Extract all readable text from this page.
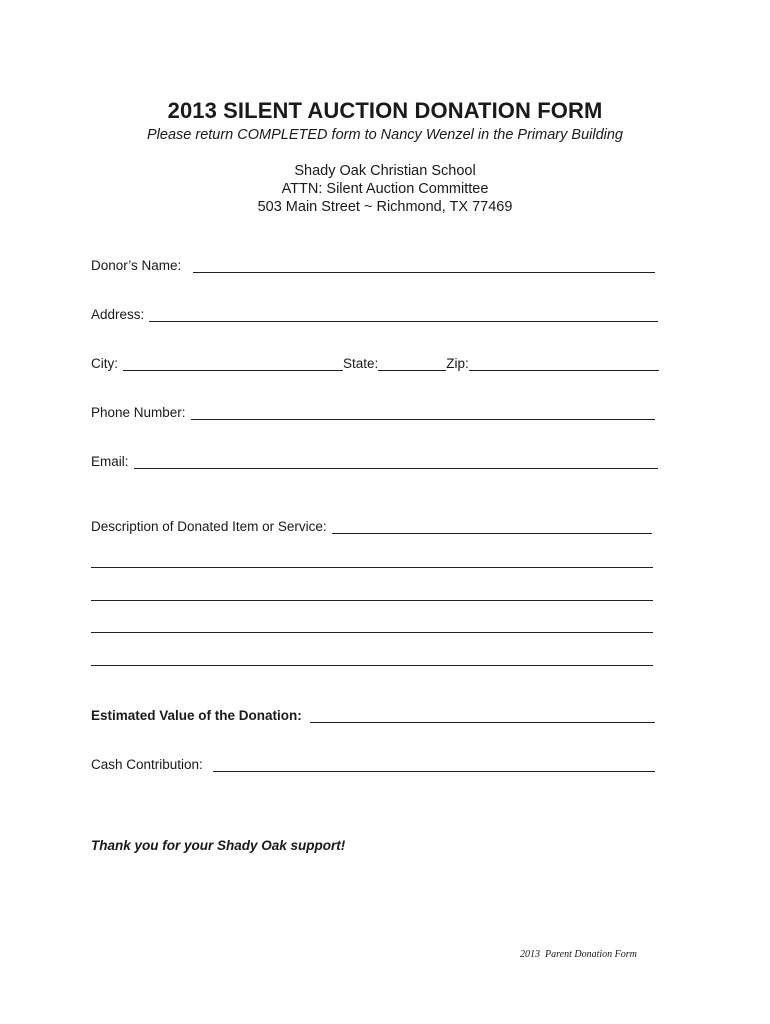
2013 SILENT AUCTION DONATION FORM
Please return COMPLETED form to Nancy Wenzel in the Primary Building
Shady Oak Christian School
ATTN: Silent Auction Committee
503 Main Street ~ Richmond, TX 77469
Donor’s Name:
Address:
City:	State:	Zip:
Phone Number:
Email:
Description of Donated Item or Service:
Estimated Value of the Donation:
Cash Contribution:
Thank you for your Shady Oak support!
2013  Parent Donation Form
